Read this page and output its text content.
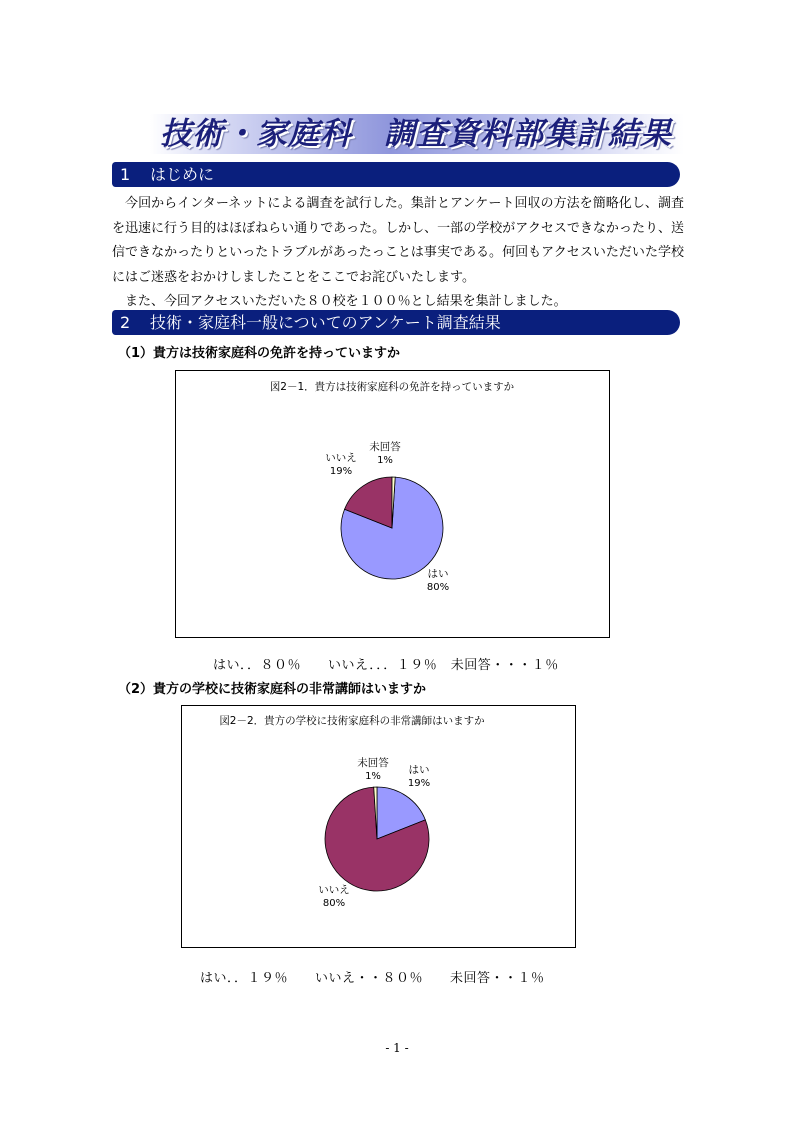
技術・家庭科　調査資料部集計結果
1 はじめに

　今回からインターネットによる調査を試行した。集計とアンケート回収の方法を簡略化し、調査を迅速に行う目的はほぼねらい通りであった。しかし、一部の学校がアクセスできなかったり、送信できなかったりといったトラブルがあったっことは事実である。何回もアクセスいただいた学校にはご迷惑をおかけしましたことをここでお詫びいたします。

　また、今回アクセスいただいた８０校を１００％とし結果を集計しました。

2 技術・家庭科一般についてのアンケート調査結果
（1）貴方は技術家庭科の免許を持っていますか
図2－1．貴方は技術家庭科の免許を持っていますか
はい
80%
いいえ
19%
未回答
1%
はい．．８０％　　いいえ．．．１９％　未回答・・・１％
（2）貴方の学校に技術家庭科の非常講師はいますか
図2－2．貴方の学校に技術家庭科の非常講師はいますか
はい
19%
いいえ
80%
未回答
1%
はい．．１９％　　いいえ・・８０％　　未回答・・１％
- 1 -
